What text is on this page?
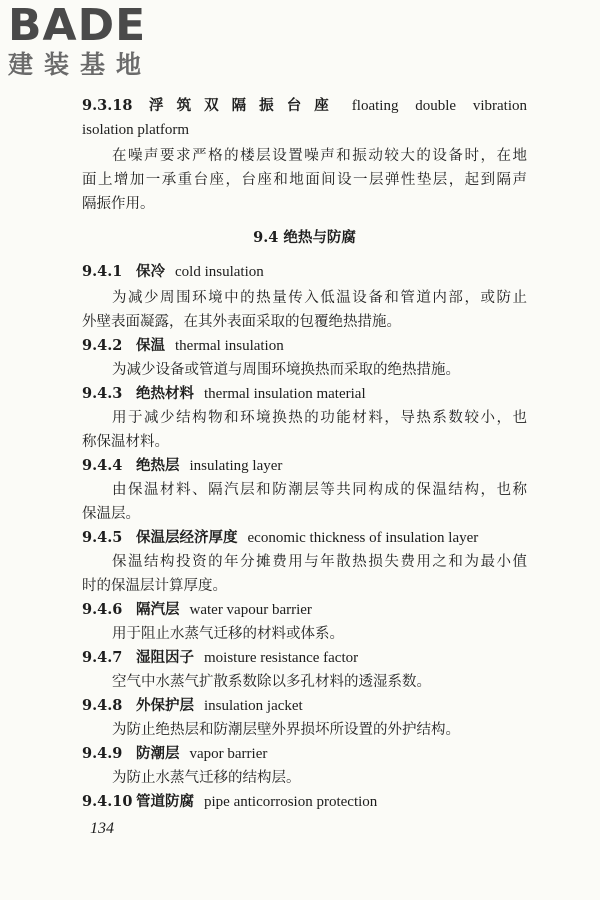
BADE
建装基地
9.3.18 浮筑双隔振台座 floating double vibration
isolation platform
在噪声要求严格的楼层设置噪声和振动较大的设备时，在地
面上增加一承重台座，台座和地面间设一层弹性垫层，起到隔声
隔振作用。
9.4 绝热与防腐
9.4.1 保冷 cold insulation
为减少周围环境中的热量传入低温设备和管道内部，或防止
外壁表面凝露，在其外表面采取的包覆绝热措施。
9.4.2 保温 thermal insulation
为减少设备或管道与周围环境换热而采取的绝热措施。
9.4.3 绝热材料 thermal insulation material
用于减少结构物和环境换热的功能材料，导热系数较小，也
称保温材料。
9.4.4 绝热层 insulating layer
由保温材料、隔汽层和防潮层等共同构成的保温结构，也称
保温层。
9.4.5 保温层经济厚度 economic thickness of insulation layer
保温结构投资的年分摊费用与年散热损失费用之和为最小值
时的保温层计算厚度。
9.4.6 隔汽层 water vapour barrier
用于阻止水蒸气迁移的材料或体系。
9.4.7 湿阻因子 moisture resistance factor
空气中水蒸气扩散系数除以多孔材料的透湿系数。
9.4.8 外保护层 insulation jacket
为防止绝热层和防潮层壁外界损坏所设置的外护结构。
9.4.9 防潮层 vapor barrier
为防止水蒸气迁移的结构层。
9.4.10 管道防腐 pipe anticorrosion protection
134
